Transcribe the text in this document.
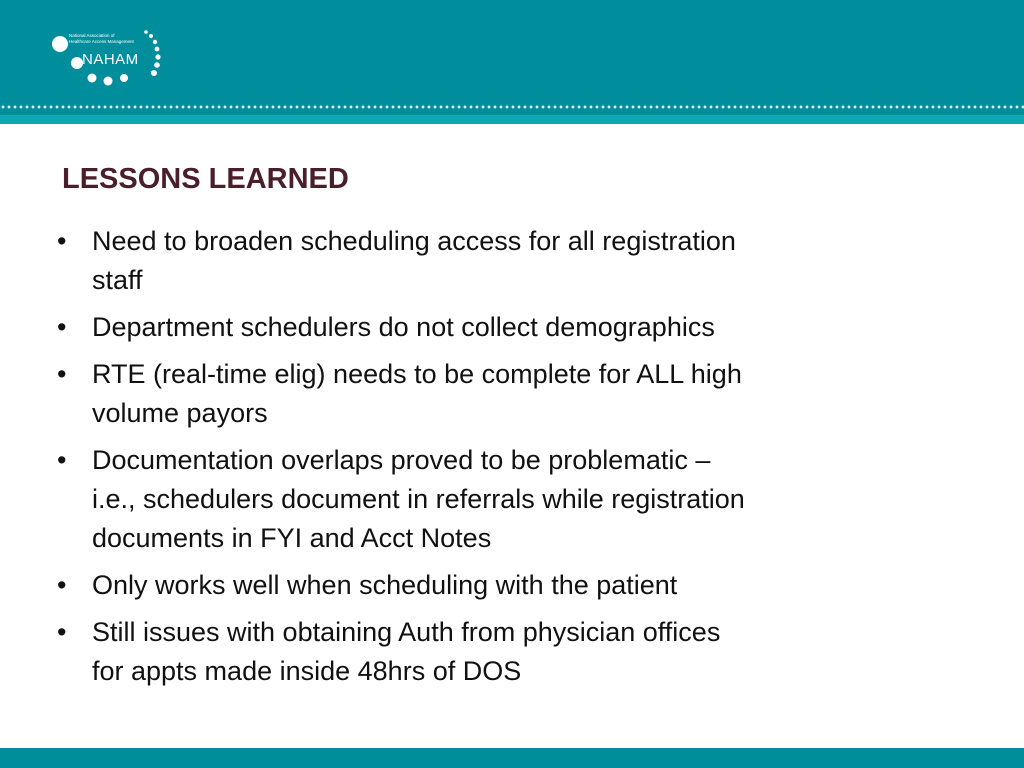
National Association of
Healthcare Access Management
NAHAM
TM
LESSONS LEARNED
• Need to broaden scheduling access for all registration
staff
• Department schedulers do not collect demographics
• RTE (real-time elig) needs to be complete for ALL high
volume payors
• Documentation overlaps proved to be problematic –
i.e., schedulers document in referrals while registration
documents in FYI and Acct Notes
• Only works well when scheduling with the patient
• Still issues with obtaining Auth from physician offices
for appts made inside 48hrs of DOS
